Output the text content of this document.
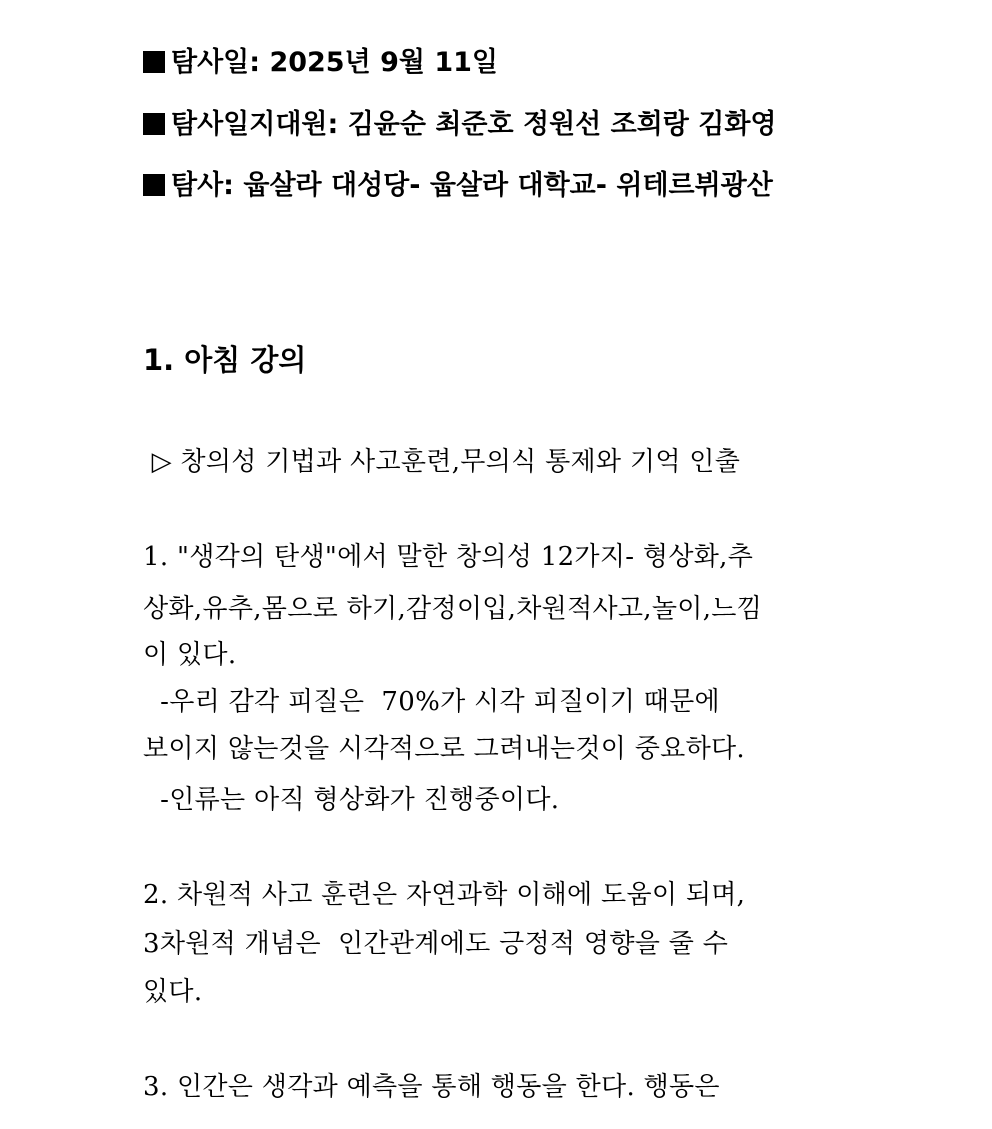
탐사일: 2025년 9월 11일
탐사일지대원: 김윤순 최준호 정원선 조희랑 김화영
탐사: 웁살라 대성당- 웁살라 대학교- 위테르뷔광산
1. 아침 강의
▷ 창의성 기법과 사고훈련,무의식 통제와 기억 인출
1. "생각의 탄생"에서 말한 창의성 12가지- 형상화,추
상화,유추,몸으로 하기,감정이입,차원적사고,놀이,느낌
이 있다.
-우리 감각 피질은  70%가 시각 피질이기 때문에
보이지 않는것을 시각적으로 그려내는것이 중요하다.
-인류는 아직 형상화가 진행중이다.
2. 차원적 사고 훈련은 자연과학 이해에 도움이 되며,
3차원적 개념은  인간관계에도 긍정적 영향을 줄 수
있다.
3. 인간은 생각과 예측을 통해 행동을 한다. 행동은
